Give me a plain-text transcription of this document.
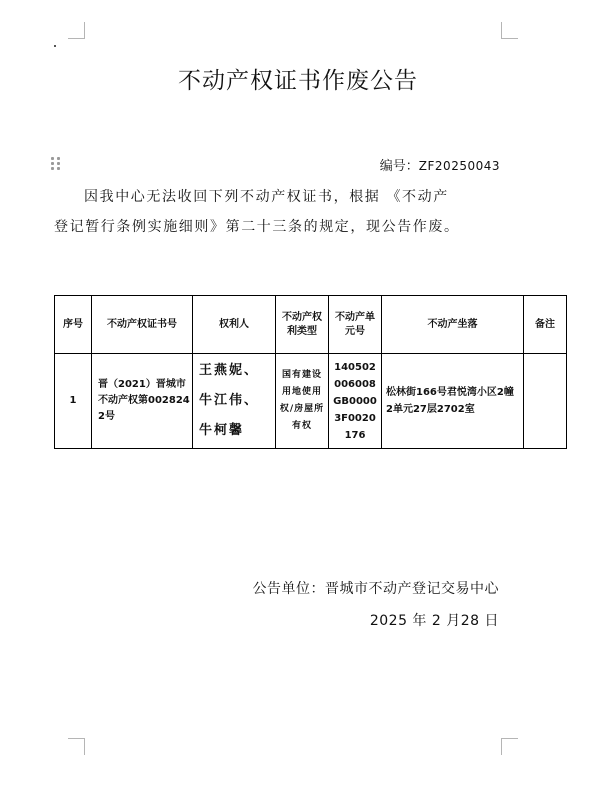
不动产权证书作废公告
编号：ZF20250043
因我中心无法收回下列不动产权证书，根据 《不动产
登记暂行条例实施细则》第二十三条的规定，现公告作废。
序号	不动产权证书号	权利人	不动产权利类型	不动产单元号	不动产坐落	备注
1	晋（2021）晋城市不动产权第0028242号	王燕妮、牛江伟、牛柯馨	国有建设用地使用权/房屋所有权	140502006008GB00003F0020176	松林街166号君悦湾小区2幢2单元27层2702室	

公告单位：晋城市不动产登记交易中心
2025 年 2 月28 日
